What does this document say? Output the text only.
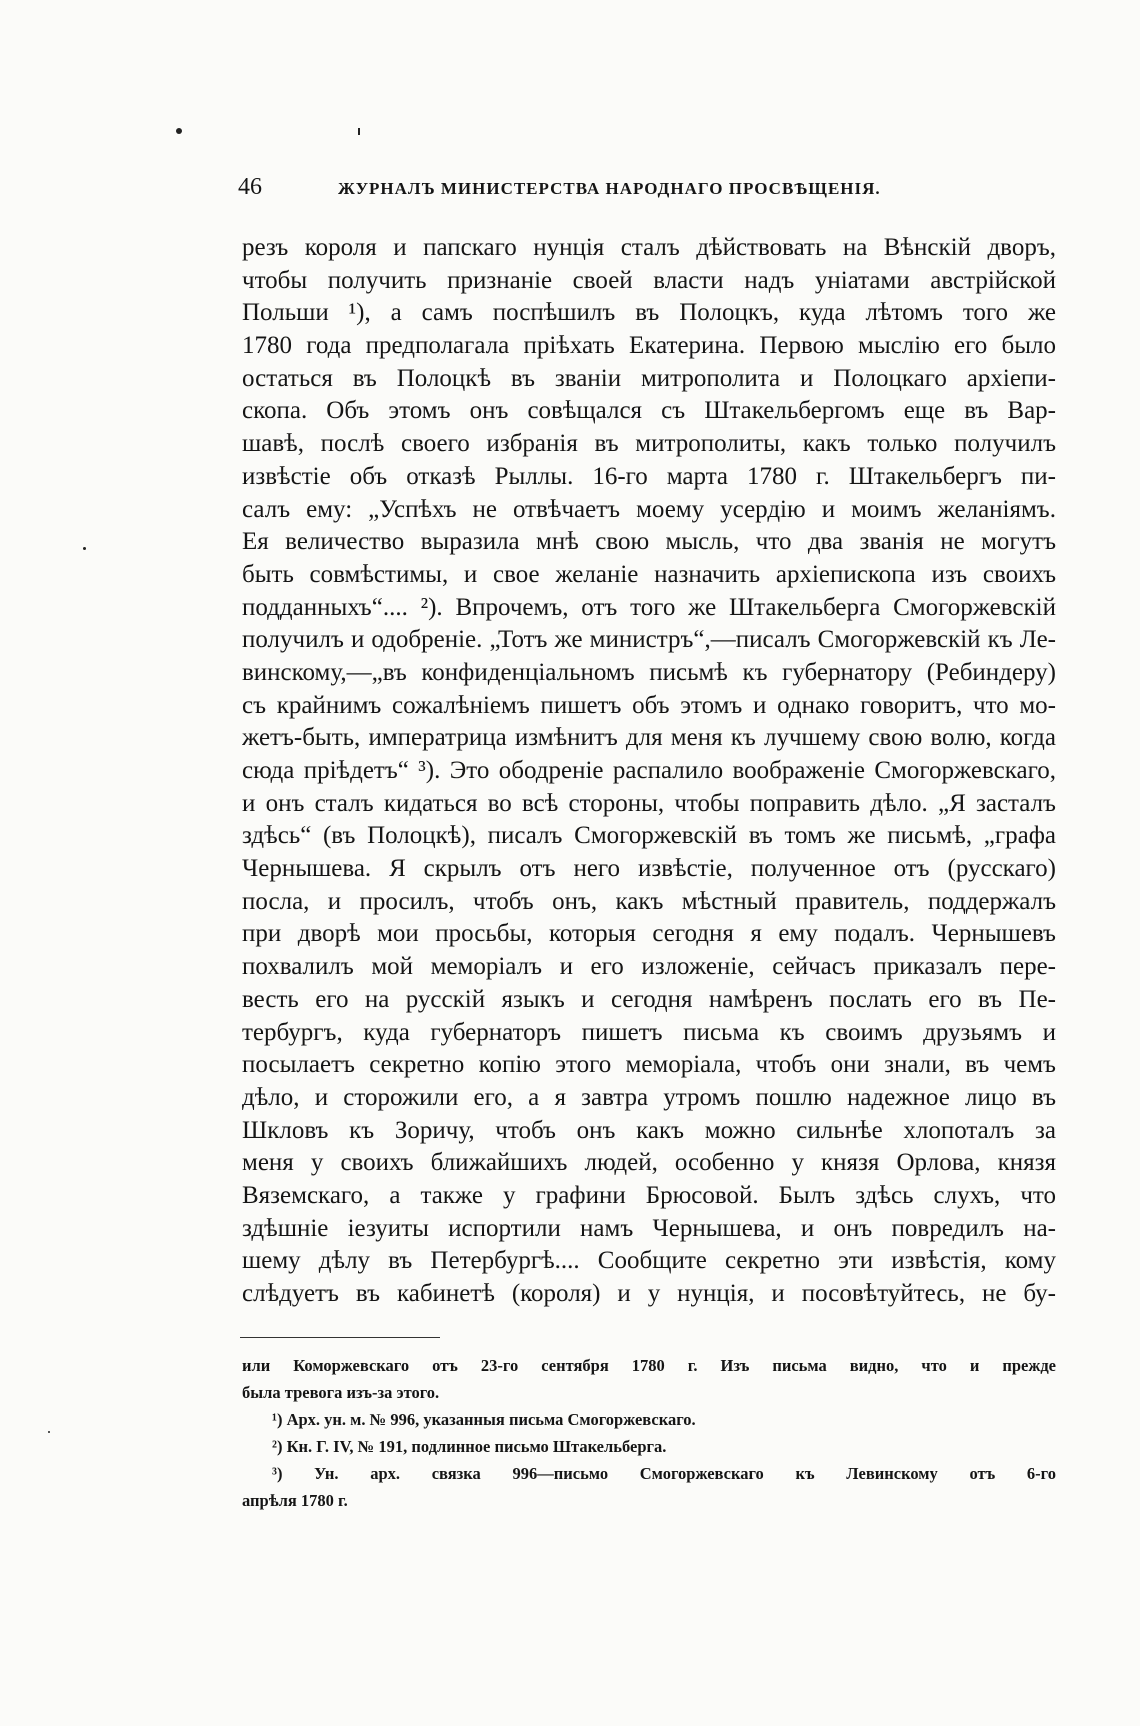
46	ЖУРНАЛЪ МИНИСТЕРСТВА НАРОДНАГО ПРОСВѢЩЕНІЯ.
резъ короля и папскаго нунція сталъ дѣйствовать на Вѣнскій дворъ,
чтобы получить признаніе своей власти надъ уніатами австрійской
Польши ¹), а самъ поспѣшилъ въ Полоцкъ, куда лѣтомъ того же
1780 года предполагала пріѣхать Екатерина. Первою мыслію его было
остаться въ Полоцкѣ въ званіи митрополита и Полоцкаго архіепи-
скопа. Объ этомъ онъ совѣщался съ Штакельбергомъ еще въ Вар-
шавѣ, послѣ своего избранія въ митрополиты, какъ только получилъ
извѣстіе объ отказѣ Рыллы. 16-го марта 1780 г. Штакельбергъ пи-
салъ ему: „Успѣхъ не отвѣчаетъ моему усердію и моимъ желаніямъ.
Ея величество выразила мнѣ свою мысль, что два званія не могутъ
быть совмѣстимы, и свое желаніе назначить архіепископа изъ своихъ
подданныхъ“.... ²). Впрочемъ, отъ того же Штакельберга Смогоржевскій
получилъ и одобреніе. „Тотъ же министръ“,—писалъ Смогоржевскій къ Ле-
винскому,—„въ конфиденціальномъ письмѣ къ губернатору (Ребиндеру)
съ крайнимъ сожалѣніемъ пишетъ объ этомъ и однако говоритъ, что мо-
жетъ-быть, императрица измѣнитъ для меня къ лучшему свою волю, когда
сюда пріѣдетъ“ ³). Это ободреніе распалило воображеніе Смогоржевскаго,
и онъ сталъ кидаться во всѣ стороны, чтобы поправить дѣло. „Я засталъ
здѣсь“ (въ Полоцкѣ), писалъ Смогоржевскій въ томъ же письмѣ, „графа
Чернышева. Я скрылъ отъ него извѣстіе, полученное отъ (русскаго)
посла, и просилъ, чтобъ онъ, какъ мѣстный правитель, поддержалъ
при дворѣ мои просьбы, которыя сегодня я ему подалъ. Чернышевъ
похвалилъ мой меморіалъ и его изложеніе, сейчасъ приказалъ пере-
весть его на русскій языкъ и сегодня намѣренъ послать его въ Пе-
тербургъ, куда губернаторъ пишетъ письма къ своимъ друзьямъ и
посылаетъ секретно копію этого меморіала, чтобъ они знали, въ чемъ
дѣло, и сторожили его, а я завтра утромъ пошлю надежное лицо въ
Шкловъ къ Зоричу, чтобъ онъ какъ можно сильнѣе хлопоталъ за
меня у своихъ ближайшихъ людей, особенно у князя Орлова, князя
Вяземскаго, а также у графини Брюсовой. Былъ здѣсь слухъ, что
здѣшніе іезуиты испортили намъ Чернышева, и онъ повредилъ на-
шему дѣлу въ Петербургѣ.... Сообщите секретно эти извѣстія, кому
слѣдуетъ въ кабинетѣ (короля) и у нунція, и посовѣтуйтесь, не бу-
или Коморжевскаго отъ 23-го сентября 1780 г. Изъ письма видно, что и прежде
была тревога изъ-за этого.
¹) Арх. ун. м. № 996, указанныя письма Смогоржевскаго.
²) Кн. Г. IV, № 191, подлинное письмо Штакельберга.
³) Ун. арх. связка 996—письмо Смогоржевскаго къ Левинскому отъ 6-го
апрѣля 1780 г.
